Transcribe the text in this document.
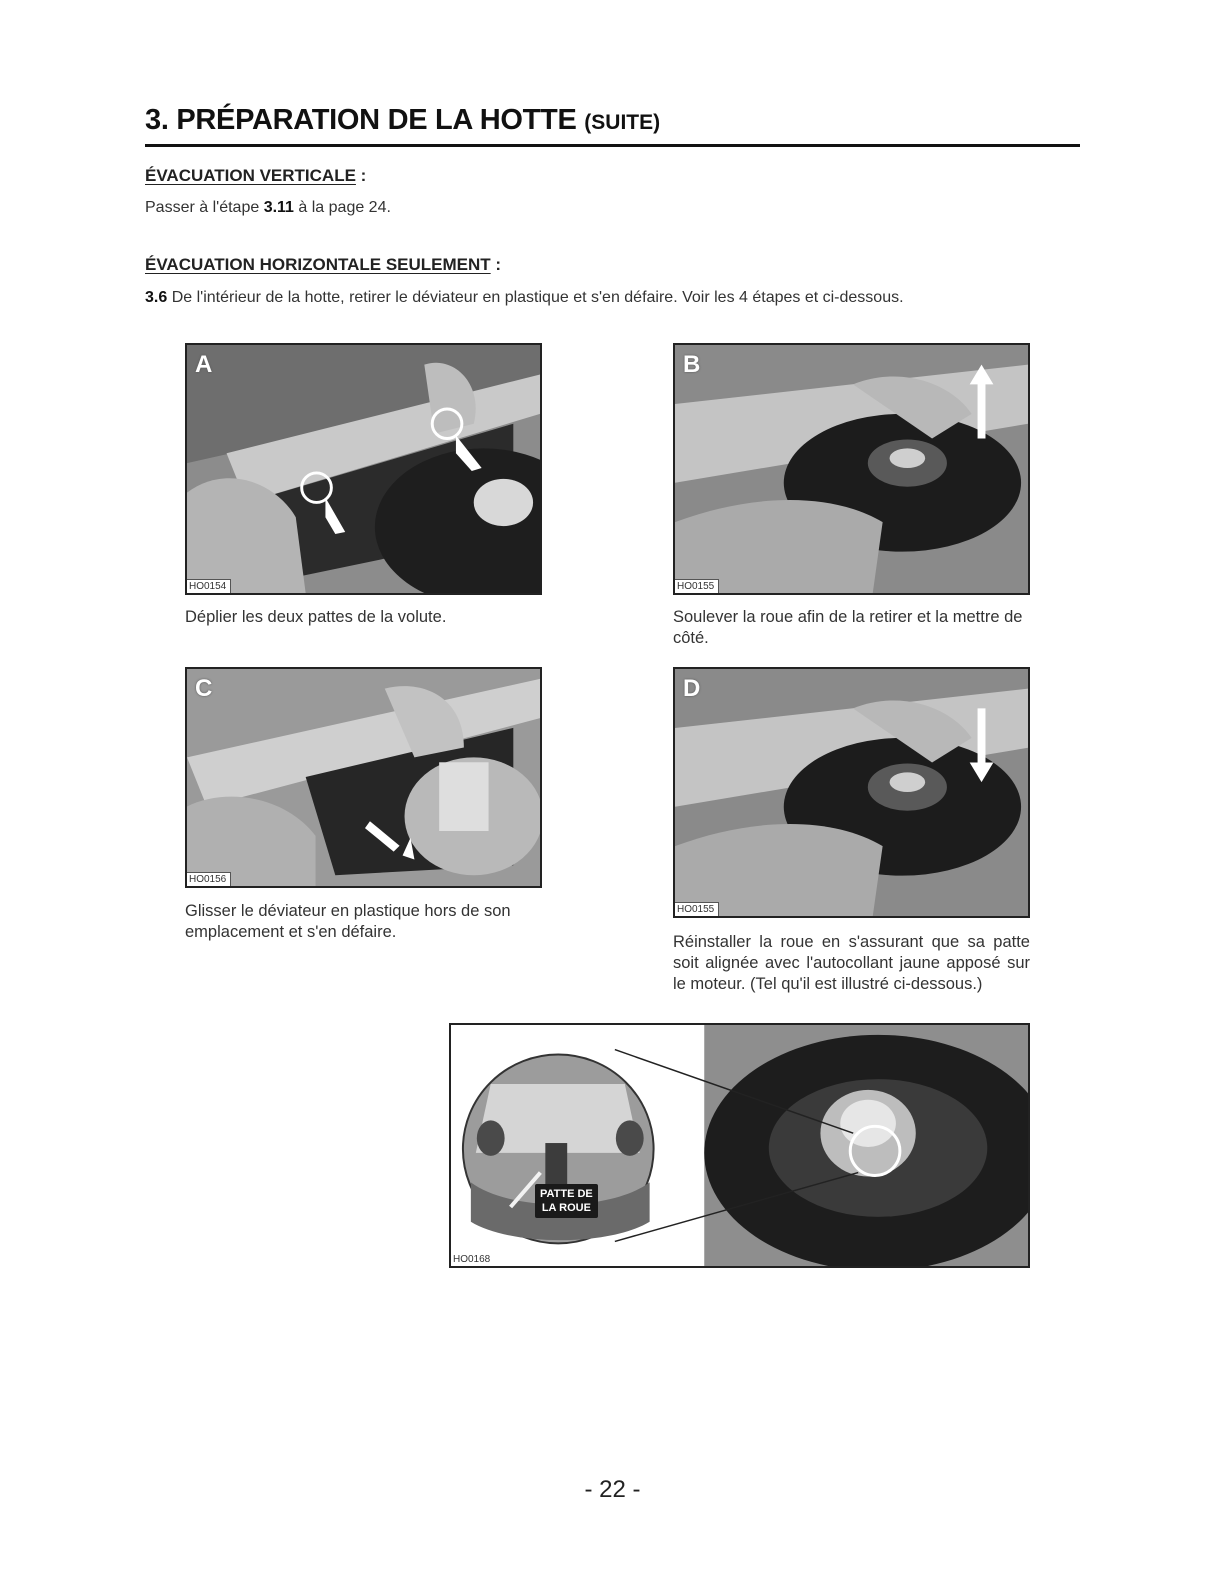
3. PRÉPARATION DE LA HOTTE (SUITE)
ÉVACUATION VERTICALE :
Passer à l'étape 3.11 à la page 24.
ÉVACUATION HORIZONTALE SEULEMENT :
3.6 De l'intérieur de la hotte, retirer le déviateur en plastique et s'en défaire. Voir les 4 étapes et ci-dessous.
A
HO0154
Déplier les deux pattes de la volute.
B
HO0155
Soulever la roue afin de la retirer et la mettre de côté.
C
HO0156
Glisser le déviateur en plastique hors de son emplacement et s'en défaire.
D
HO0155
Réinstaller la roue en s'assurant que sa patte soit alignée avec l'autocollant jaune apposé sur le moteur. (Tel qu'il est illustré ci-dessous.)
PATTE DE
LA ROUE
HO0168
- 22 -
